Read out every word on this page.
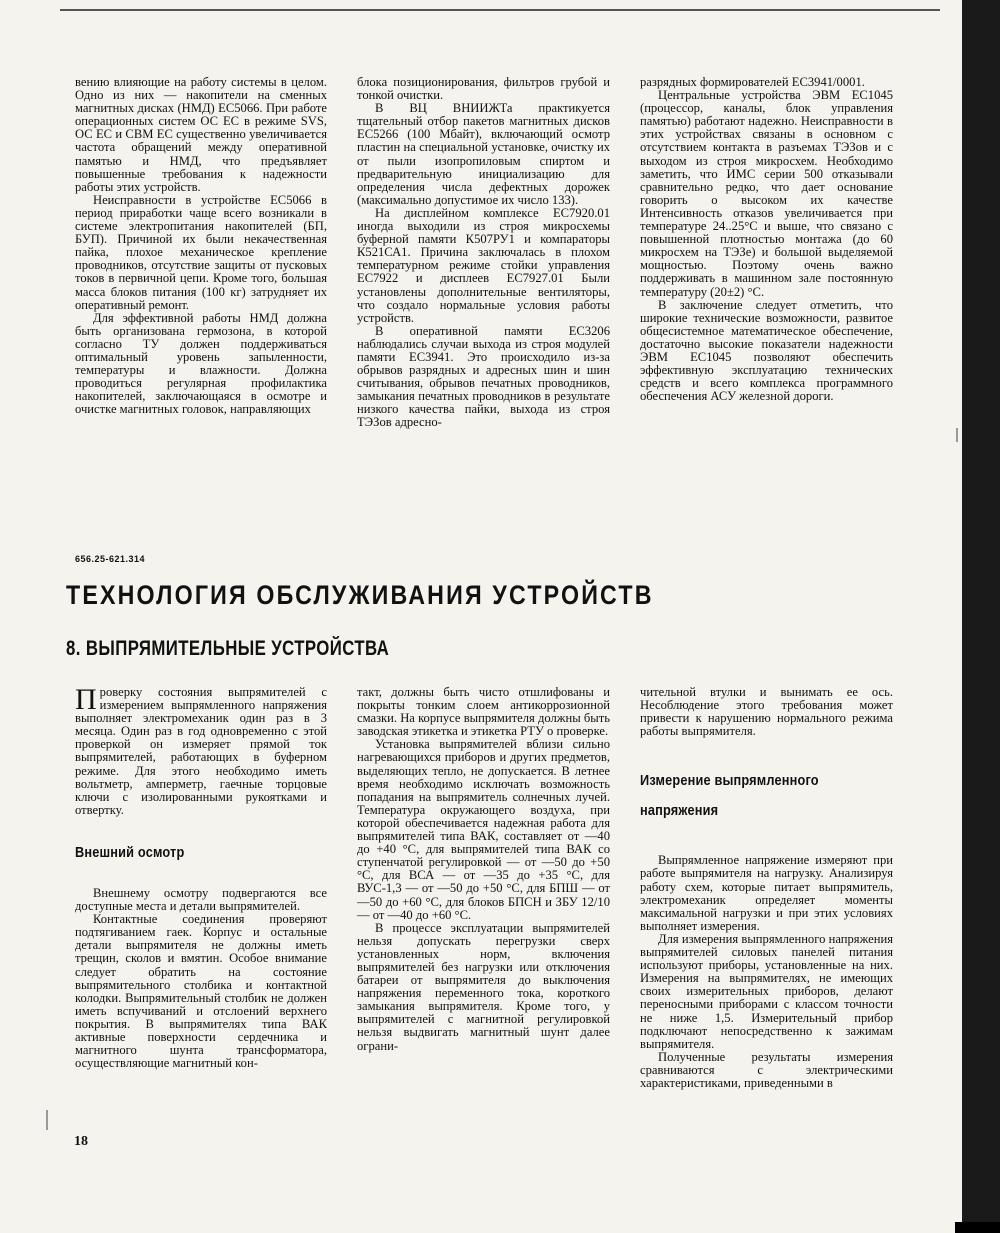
вению влияющие на работу системы в целом. Одно из них — накопители на сменных магнитных дисках (НМД) ЕС5066. При работе операционных систем ОС ЕС в режиме SVS, ОС ЕС и СВМ ЕС существенно увеличивается частота обращений между оперативной памятью и НМД, что предъявляет повышенные требования к надежности работы этих устройств.

Неисправности в устройстве ЕС5066 в период приработки чаще всего возникали в системе электропитания накопителей (БП, БУП). Причиной их были некачественная пайка, плохое механическое крепление проводников, отсутствие защиты от пусковых токов в первичной цепи. Кроме того, большая масса блоков питания (100 кг) затрудняет их оперативный ремонт.

Для эффективной работы НМД должна быть организована гермозона, в которой согласно ТУ должен поддерживаться оптимальный уровень запыленности, температуры и влажности. Должна проводиться регулярная профилактика накопителей, заключающаяся в осмотре и очистке магнитных головок, направляющих

блока позиционирования, фильтров грубой и тонкой очистки.

В ВЦ ВНИИЖТа практикуется тщательный отбор пакетов магнитных дисков ЕС5266 (100 Мбайт), включающий осмотр пластин на специальной установке, очистку их от пыли изопропиловым спиртом и предварительную инициализацию для определения числа дефектных дорожек (максимально допустимое их число 133).

На дисплейном комплексе ЕС7920.01 иногда выходили из строя микросхемы буферной памяти К507РУ1 и компараторы К521СА1. Причина заключалась в плохом температурном режиме стойки управления ЕС7922 и дисплеев ЕС7927.01 Были установлены дополнительные вентиляторы, что создало нормальные условия работы устройств.

В оперативной памяти ЕС3206 наблюдались случаи выхода из строя модулей памяти ЕС3941. Это происходило из-за обрывов разрядных и адресных шин и шин считывания, обрывов печатных проводников, замыкания печатных проводников в результате низкого качества пайки, выхода из строя ТЭЗов адресно-

разрядных формирователей ЕС3941/0001.

Центральные устройства ЭВМ ЕС1045 (процессор, каналы, блок управления памятью) работают надежно. Неисправности в этих устройствах связаны в основном с отсутствием контакта в разъемах ТЭЗов и с выходом из строя микросхем. Необходимо заметить, что ИМС серии 500 отказывали сравнительно редко, что дает основание говорить о высоком их качестве Интенсивность отказов увеличивается при температуре 24..25°С и выше, что связано с повышенной плотностью монтажа (до 60 микросхем на ТЭЗе) и большой выделяемой мощностью. Поэтому очень важно поддерживать в машинном зале постоянную температуру (20±2) °С.

В заключение следует отметить, что широкие технические возможности, развитое общесистемное математическое обеспечение, достаточно высокие показатели надежности ЭВМ ЕС1045 позволяют обеспечить эффективную эксплуатацию технических средств и всего комплекса программного обеспечения АСУ железной дороги.

656.25-621.314
ТЕХНОЛОГИЯ ОБСЛУЖИВАНИЯ УСТРОЙСТВ
8. ВЫПРЯМИТЕЛЬНЫЕ УСТРОЙСТВА

Проверку состояния выпрямителей с измерением выпрямленного напряжения выполняет электромеханик один раз в 3 месяца. Один раз в год одновременно с этой проверкой он измеряет прямой ток выпрямителей, работающих в буферном режиме. Для этого необходимо иметь вольтметр, амперметр, гаечные торцовые ключи с изолированными рукоятками и отвертку.

Внешний осмотр

Внешнему осмотру подвергаются все доступные места и детали выпрямителей.

Контактные соединения проверяют подтягиванием гаек. Корпус и остальные детали выпрямителя не должны иметь трещин, сколов и вмятин. Особое внимание следует обратить на состояние выпрямительного столбика и контактной колодки. Выпрямительный столбик не должен иметь вспучиваний и отслоений верхнего покрытия. В выпрямителях типа ВАК активные поверхности сердечника и магнитного шунта трансформатора, осуществляющие магнитный кон-

такт, должны быть чисто отшлифованы и покрыты тонким слоем антикоррозионной смазки. На корпусе выпрямителя должны быть заводская этикетка и этикетка РТУ о проверке.

Установка выпрямителей вблизи сильно нагревающихся приборов и других предметов, выделяющих тепло, не допускается. В летнее время необходимо исключать возможность попадания на выпрямитель солнечных лучей. Температура окружающего воздуха, при которой обеспечивается надежная работа для выпрямителей типа ВАК, составляет от —40 до +40 °С, для выпрямителей типа ВАК со ступенчатой регулировкой — от —50 до +50 °С, для ВСА — от —35 до +35 °С, для ВУС-1,3 — от —50 до +50 °С, для БПШ — от —50 до +60 °С, для блоков БПСН и ЗБУ 12/10 — от —40 до +60 °С.

В процессе эксплуатации выпрямителей нельзя допускать перегрузки сверх установленных норм, включения выпрямителей без нагрузки или отключения батареи от выпрямителя до выключения напряжения переменного тока, короткого замыкания выпрямителя. Кроме того, у выпрямителей с магнитной регулировкой нельзя выдвигать магнитный шунт далее ограни-

чительной втулки и вынимать ее ось. Несоблюдение этого требования может привести к нарушению нормального режима работы выпрямителя.

Измерение выпрямленного
напряжения

Выпрямленное напряжение измеряют при работе выпрямителя на нагрузку. Анализируя работу схем, которые питает выпрямитель, электромеханик определяет моменты максимальной нагрузки и при этих условиях выполняет измерения.

Для измерения выпрямленного напряжения выпрямителей силовых панелей питания используют приборы, установленные на них. Измерения на выпрямителях, не имеющих своих измерительных приборов, делают переносными приборами с классом точности не ниже 1,5. Измерительный прибор подключают непосредственно к зажимам выпрямителя.

Полученные результаты измерения сравниваются с электрическими характеристиками, приведенными в

18
